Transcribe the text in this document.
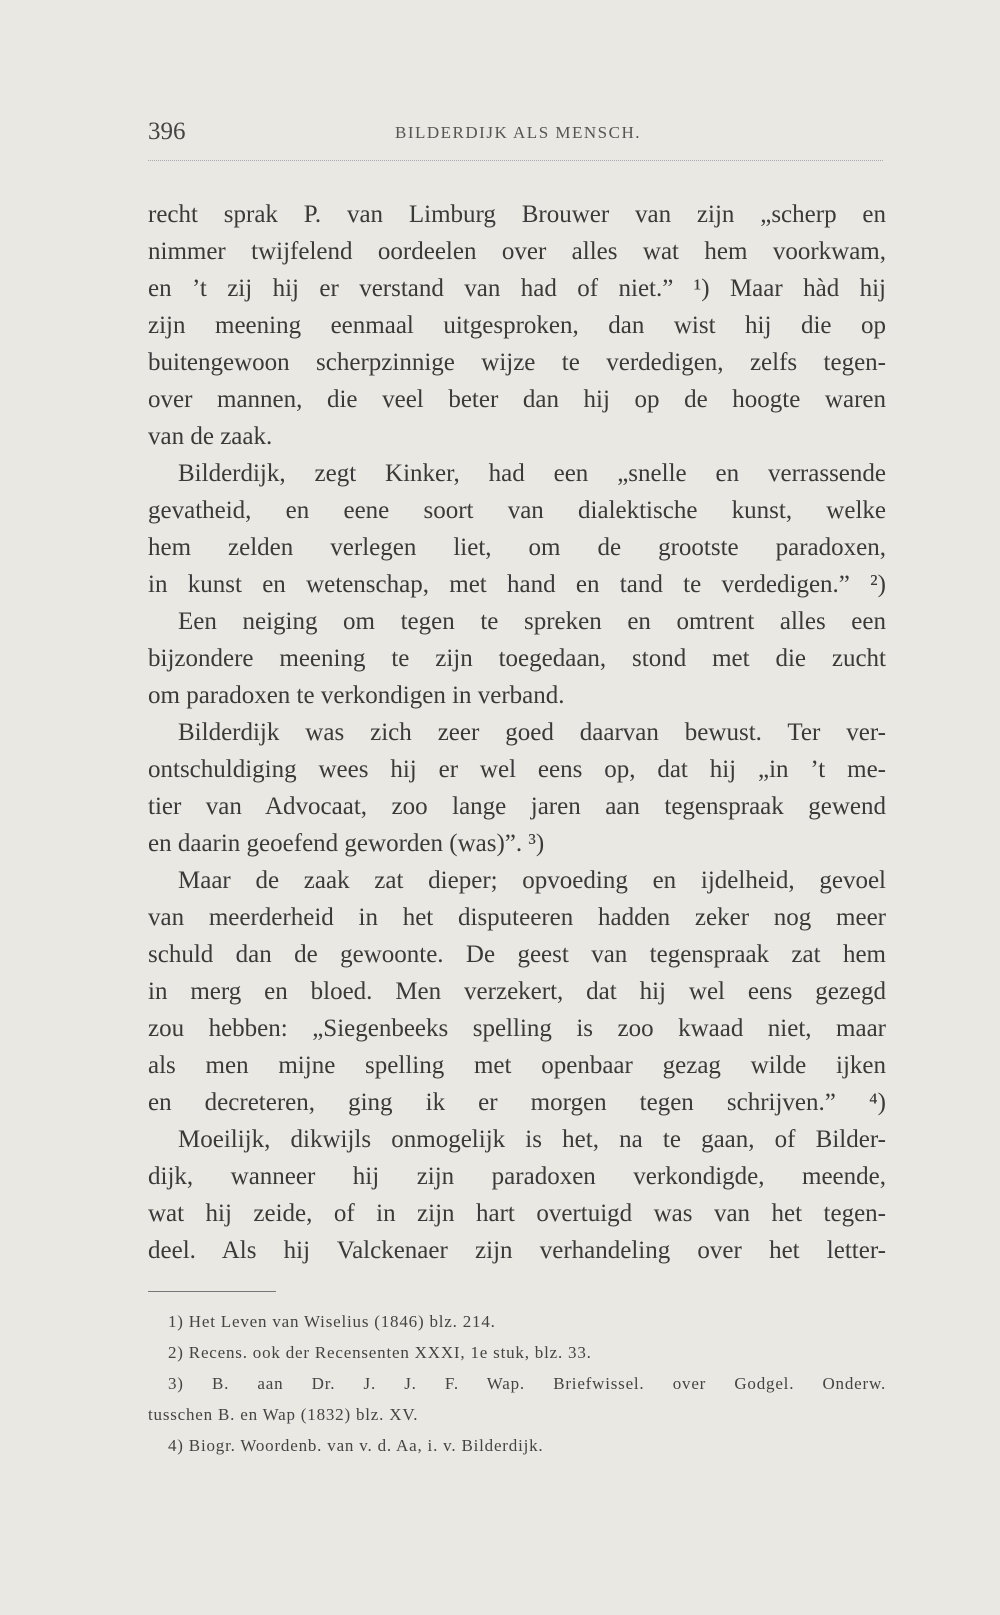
396	BILDERDIJK ALS MENSCH.
recht sprak P. van Limburg Brouwer van zijn „scherp en
nimmer twijfelend oordeelen over alles wat hem voorkwam,
en ’t zij hij er verstand van had of niet.” ¹) Maar hàd hij
zijn meening eenmaal uitgesproken, dan wist hij die op
buitengewoon scherpzinnige wijze te verdedigen, zelfs tegen-
over mannen, die veel beter dan hij op de hoogte waren
van de zaak.
Bilderdijk, zegt Kinker, had een „snelle en verrassende
gevatheid, en eene soort van dialektische kunst, welke
hem zelden verlegen liet, om de grootste paradoxen,
in kunst en wetenschap, met hand en tand te verdedigen.” ²)
Een neiging om tegen te spreken en omtrent alles een
bijzondere meening te zijn toegedaan, stond met die zucht
om paradoxen te verkondigen in verband.
Bilderdijk was zich zeer goed daarvan bewust. Ter ver-
ontschuldiging wees hij er wel eens op, dat hij „in ’t me-
tier van Advocaat, zoo lange jaren aan tegenspraak gewend
en daarin geoefend geworden (was)”. ³)
Maar de zaak zat dieper; opvoeding en ijdelheid, gevoel
van meerderheid in het disputeeren hadden zeker nog meer
schuld dan de gewoonte. De geest van tegenspraak zat hem
in merg en bloed. Men verzekert, dat hij wel eens gezegd
zou hebben: „Siegenbeeks spelling is zoo kwaad niet, maar
als men mijne spelling met openbaar gezag wilde ijken
en decreteren, ging ik er morgen tegen schrijven.” ⁴)
Moeilijk, dikwijls onmogelijk is het, na te gaan, of Bilder-
dijk, wanneer hij zijn paradoxen verkondigde, meende,
wat hij zeide, of in zijn hart overtuigd was van het tegen-
deel. Als hij Valckenaer zijn verhandeling over het letter-
1) Het Leven van Wiselius (1846) blz. 214.
2) Recens. ook der Recensenten XXXI, 1e stuk, blz. 33.
3) B. aan Dr. J. J. F. Wap. Briefwissel. over Godgel. Onderw.
tusschen B. en Wap (1832) blz. XV.
4) Biogr. Woordenb. van v. d. Aa, i. v. Bilderdijk.
